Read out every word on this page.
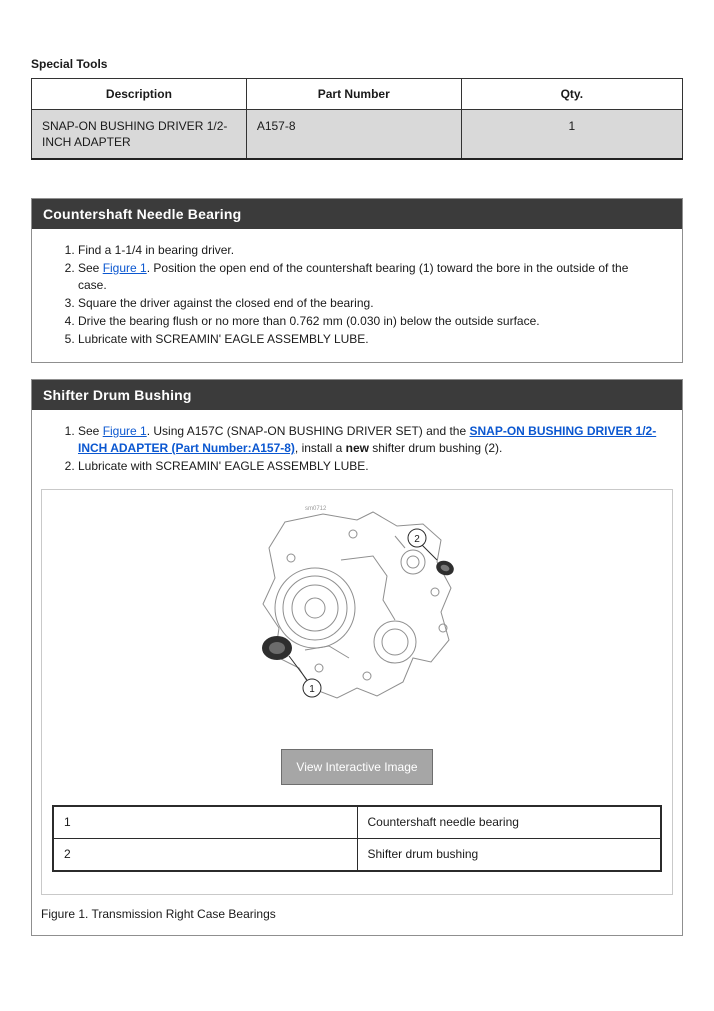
Special Tools
Description	Part Number	Qty.
SNAP-ON BUSHING DRIVER 1/2-INCH ADAPTER	A157-8	1
Countershaft Needle Bearing
1. Find a 1-1/4 in bearing driver.
2. See Figure 1. Position the open end of the countershaft bearing (1) toward the bore in the outside of the case.
3. Square the driver against the closed end of the bearing.
4. Drive the bearing flush or no more than 0.762 mm (0.030 in) below the outside surface.
5. Lubricate with SCREAMIN' EAGLE ASSEMBLY LUBE.
Shifter Drum Bushing
1. See Figure 1. Using A157C (SNAP-ON BUSHING DRIVER SET) and the SNAP-ON BUSHING DRIVER 1/2-INCH ADAPTER (Part Number:A157-8), install a new shifter drum bushing (2).
2. Lubricate with SCREAMIN' EAGLE ASSEMBLY LUBE.
sm0712
1
2
View Interactive Image
1	Countershaft needle bearing
2	Shifter drum bushing
Figure 1. Transmission Right Case Bearings
